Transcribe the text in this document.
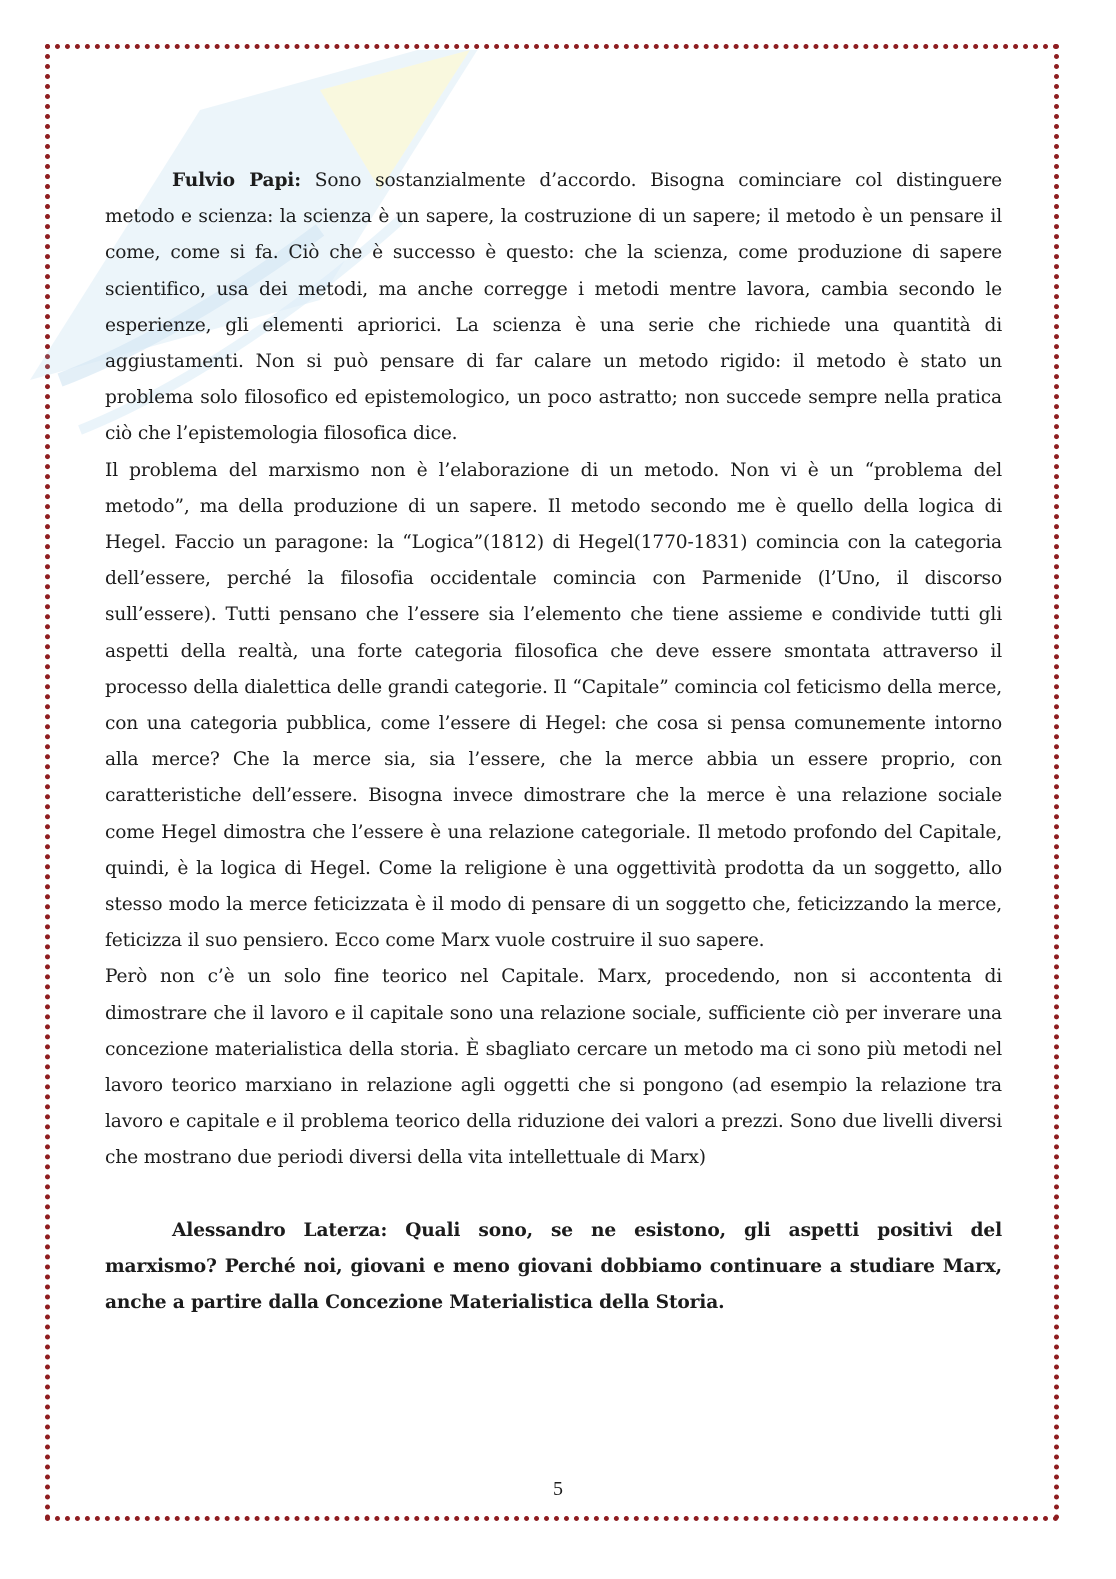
Fulvio Papi: Sono sostanzialmente d’accordo. Bisogna cominciare col distinguere metodo e scienza: la scienza è un sapere, la costruzione di un sapere; il metodo è un pensare il come, come si fa. Ciò che è successo è questo: che la scienza, come produzione di sapere scientifico, usa dei metodi, ma anche corregge i metodi mentre lavora, cambia secondo le esperienze, gli elementi apriorici. La scienza è una serie che richiede una quantità di aggiustamenti. Non si può pensare di far calare un metodo rigido: il metodo è stato un problema solo filosofico ed epistemologico, un poco astratto; non succede sempre nella pratica ciò che l’epistemologia filosofica dice.

Il problema del marxismo non è l’elaborazione di un metodo. Non vi è un “problema del metodo”, ma della produzione di un sapere. Il metodo secondo me è quello della logica di Hegel. Faccio un paragone: la “Logica”(1812) di Hegel(1770-1831) comincia con la categoria dell’essere, perché la filosofia occidentale comincia con Parmenide (l’Uno, il discorso sull’essere). Tutti pensano che l’essere sia l’elemento che tiene assieme e condivide tutti gli aspetti della realtà, una forte categoria filosofica che deve essere smontata attraverso il processo della dialettica delle grandi categorie. Il “Capitale” comincia col feticismo della merce, con una categoria pubblica, come l’essere di Hegel: che cosa si pensa comunemente intorno alla merce? Che la merce sia, sia l’essere, che la merce abbia un essere proprio, con caratteristiche dell’essere. Bisogna invece dimostrare che la merce è una relazione sociale come Hegel dimostra che l’essere è una relazione categoriale. Il metodo profondo del Capitale, quindi, è la logica di Hegel. Come la religione è una oggettività prodotta da un soggetto, allo stesso modo la merce feticizzata è il modo di pensare di un soggetto che, feticizzando la merce, feticizza il suo pensiero. Ecco come Marx vuole costruire il suo sapere.

Però non c’è un solo fine teorico nel Capitale. Marx, procedendo, non si accontenta di dimostrare che il lavoro e il capitale sono una relazione sociale, sufficiente ciò per inverare una concezione materialistica della storia. È sbagliato cercare un metodo ma ci sono più metodi nel lavoro teorico marxiano in relazione agli oggetti che si pongono (ad esempio la relazione tra lavoro e capitale e il problema teorico della riduzione dei valori a prezzi. Sono due livelli diversi che mostrano due periodi diversi della vita intellettuale di Marx)

Alessandro Laterza: Quali sono, se ne esistono, gli aspetti positivi del marxismo? Perché noi, giovani e meno giovani dobbiamo continuare a studiare Marx, anche a partire dalla Concezione Materialistica della Storia.

5
